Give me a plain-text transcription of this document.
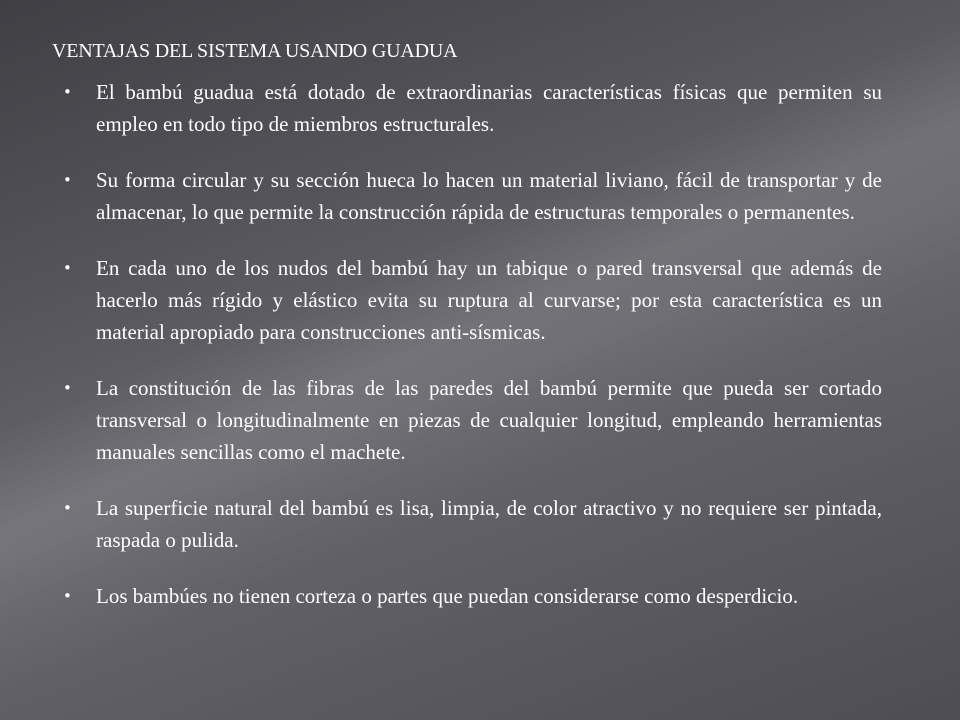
VENTAJAS DEL SISTEMA USANDO GUADUA
• El bambú guadua está dotado de extraordinarias características físicas que permiten su empleo en todo tipo de miembros estructurales.
• Su forma circular y su sección hueca lo hacen un material liviano, fácil de transportar y de almacenar, lo que permite la construcción rápida de estructuras temporales o permanentes.
• En cada uno de los nudos del bambú hay un tabique o pared transversal que además de hacerlo más rígido y elástico evita su ruptura al curvarse; por esta característica es un material apropiado para construcciones anti-sísmicas.
• La constitución de las fibras de las paredes del bambú permite que pueda ser cortado transversal o longitudinalmente en piezas de cualquier longitud, empleando herramientas manuales sencillas como el machete.
• La superficie natural del bambú es lisa, limpia, de color atractivo y no requiere ser pintada, raspada o pulida.
• Los bambúes no tienen corteza o partes que puedan considerarse como desperdicio.
